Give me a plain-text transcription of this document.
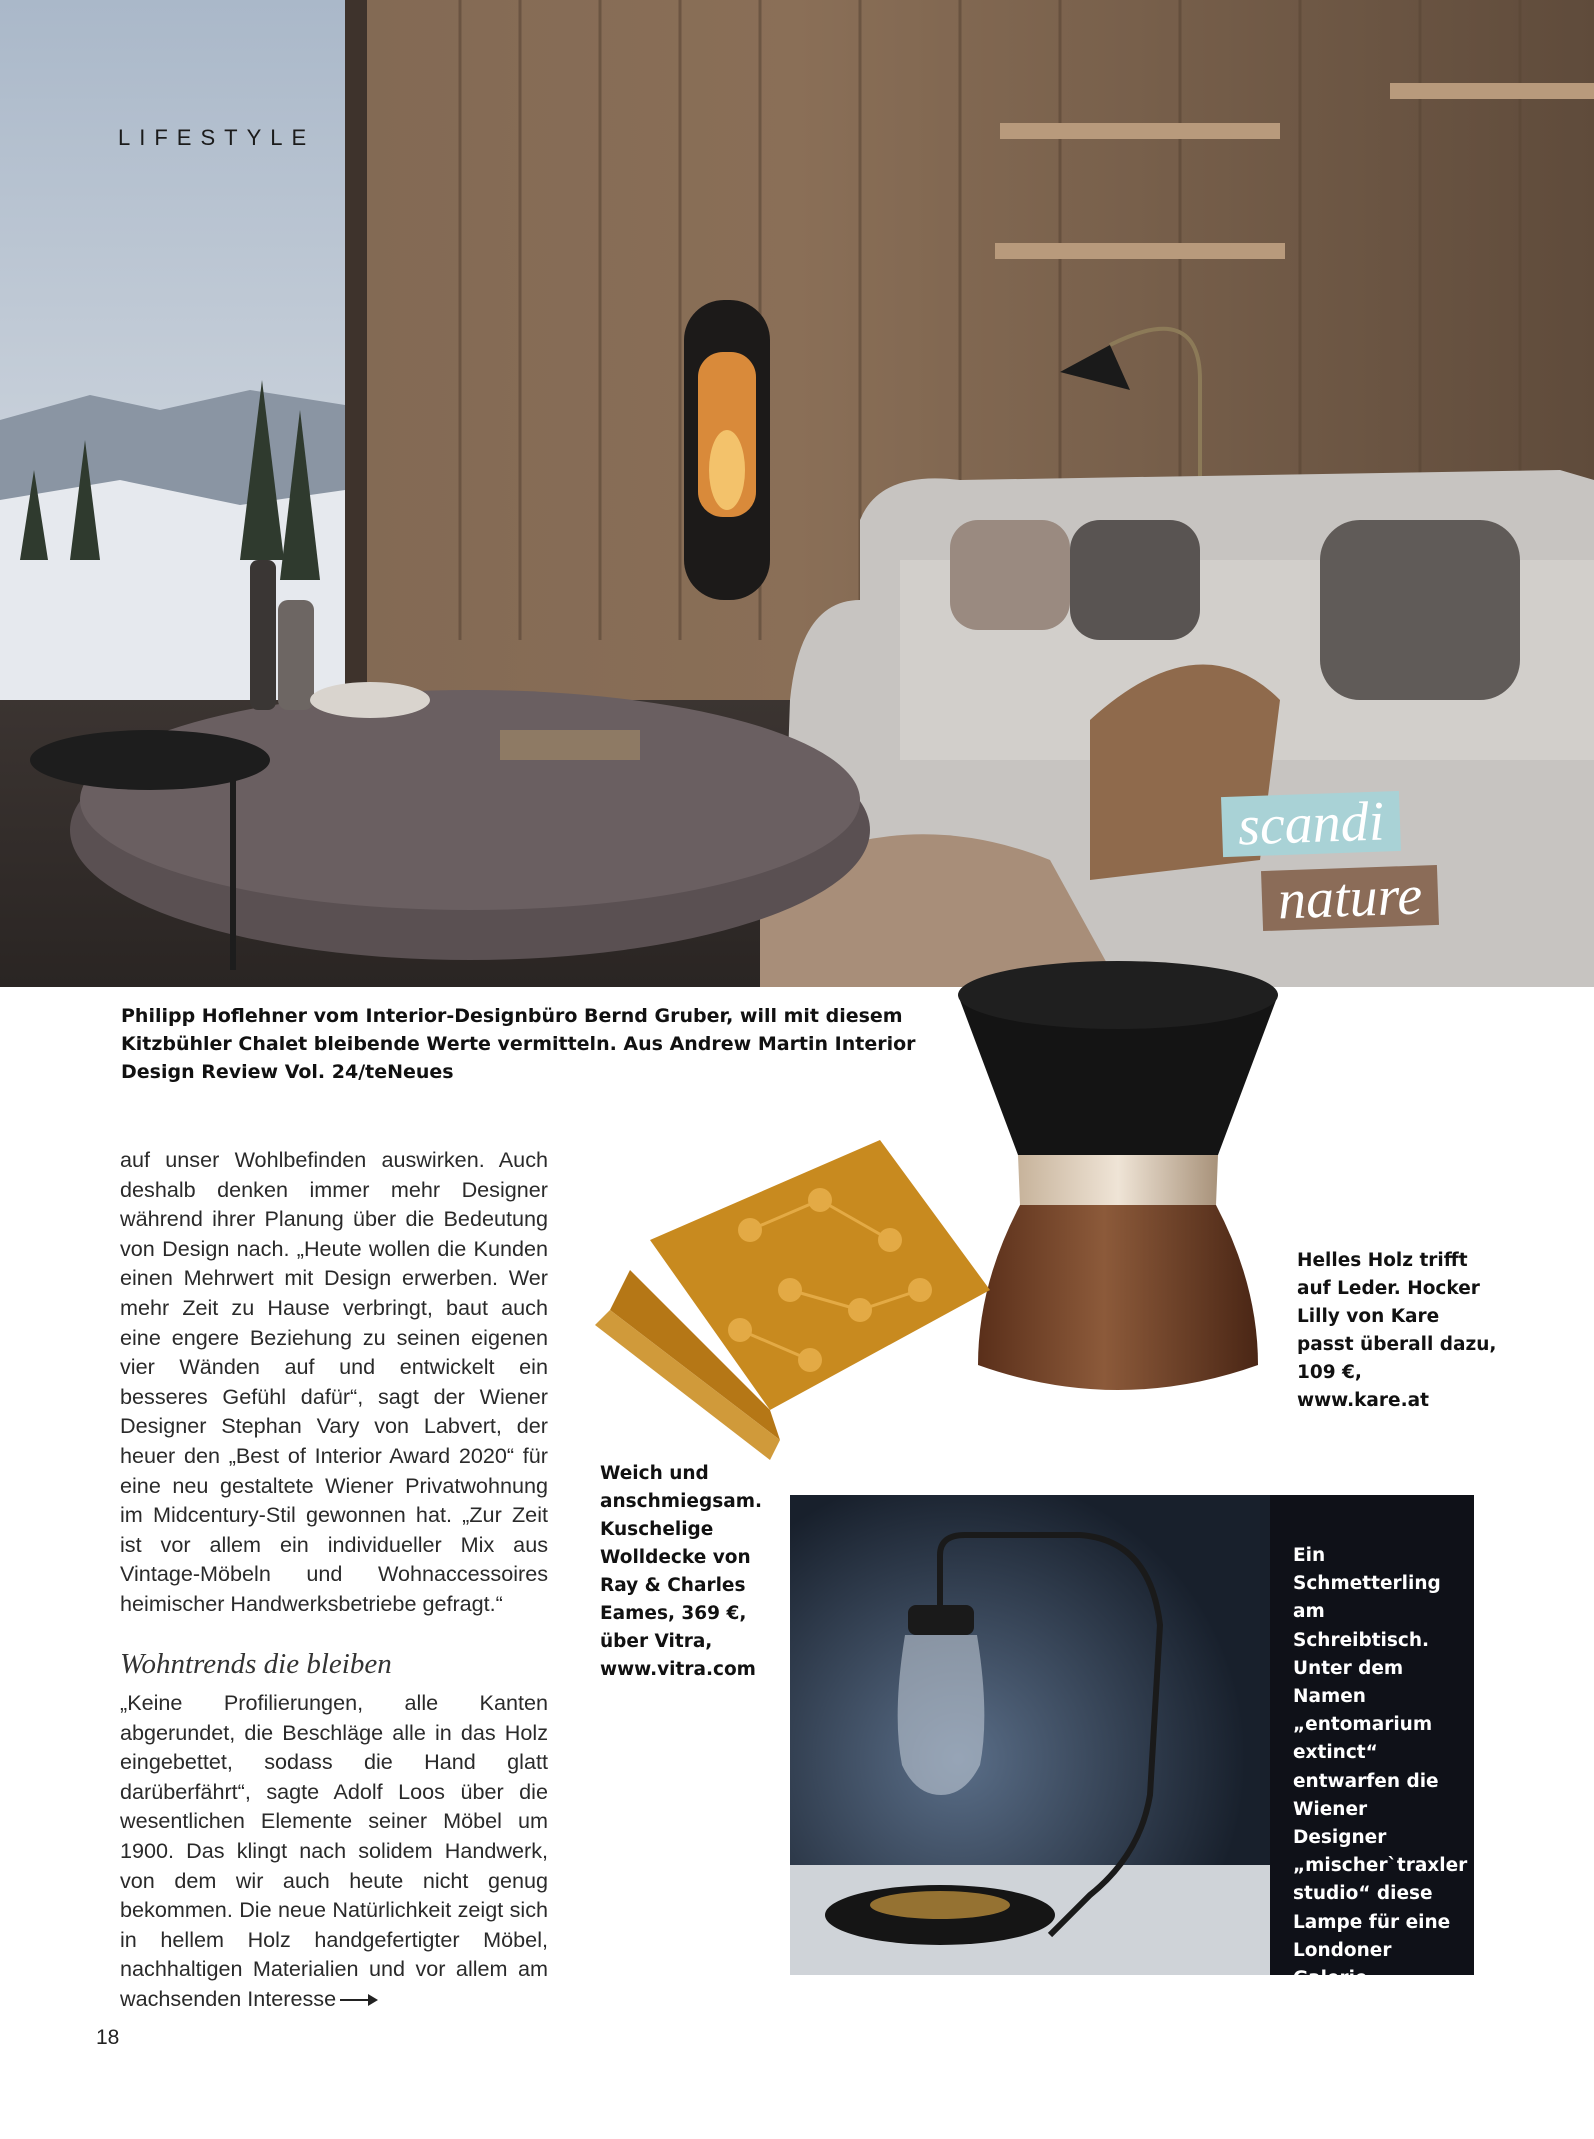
LIFESTYLE
scandi
nature
Philipp Hoflehner vom Interior-Designbüro Bernd Gruber, will mit diesem Kitzbühler Chalet bleibende Werte vermitteln. Aus Andrew Martin Interior Design Review Vol. 24/teNeues
Helles Holz trifft auf Leder. Hocker Lilly von Kare passt überall dazu, 109 €, www.kare.at
Weich und anschmiegsam. Kuschelige Wolldecke von Ray & Charles Eames, 369 €, über Vitra, www.vitra.com
Ein Schmetterling am Schreibtisch. Unter dem Namen „entomarium extinct“ entwarfen die Wiener Designer „mischer`traxler studio“ diese Lampe für eine Londoner Galerie, www.mischer-traxler.com
auf unser Wohlbefinden auswirken. Auch deshalb denken immer mehr Designer während ihrer Planung über die Bedeutung von Design nach. „Heute wollen die Kunden einen Mehrwert mit Design erwerben. Wer mehr Zeit zu Hause verbringt, baut auch eine engere Beziehung zu seinen eigenen vier Wänden auf und entwickelt ein besseres Gefühl dafür“, sagt der Wiener Designer Stephan Vary von Labvert, der heuer den „Best of Interior Award 2020“ für eine neu gestaltete Wiener Privatwohnung im Midcentury-Stil gewonnen hat. „Zur Zeit ist vor allem ein individueller Mix aus Vintage-Möbeln und Wohnaccessoires heimischer Handwerksbetriebe gefragt.“
Wohntrends die bleiben
„Keine Profilierungen, alle Kanten abgerundet, die Beschläge alle in das Holz eingebettet, sodass die Hand glatt darüberfährt“, sagte Adolf Loos über die wesentlichen Elemente seiner Möbel um 1900. Das klingt nach solidem Handwerk, von dem wir auch heute nicht genug bekommen. Die neue Natürlichkeit zeigt sich in hellem Holz handgefertigter Möbel, nachhaltigen Materialien und vor allem am wachsenden Interesse
18
